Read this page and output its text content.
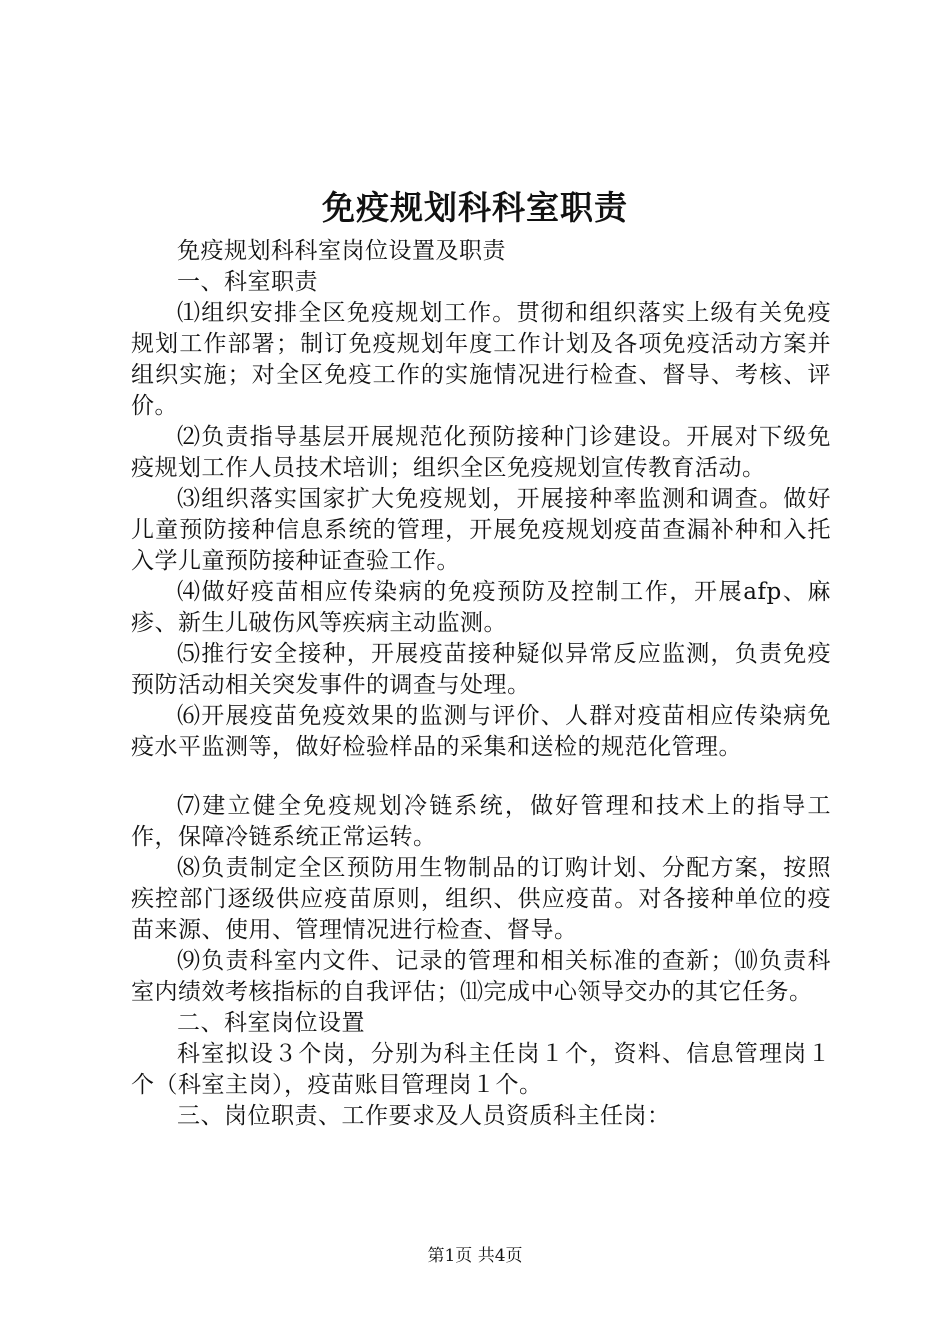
免疫规划科科室职责

免疫规划科科室岗位设置及职责

一、科室职责

⑴组织安排全区免疫规划工作。贯彻和组织落实上级有关免疫规划工作部署；制订免疫规划年度工作计划及各项免疫活动方案并组织实施；对全区免疫工作的实施情况进行检查、督导、考核、评价。

⑵负责指导基层开展规范化预防接种门诊建设。开展对下级免疫规划工作人员技术培训；组织全区免疫规划宣传教育活动。

⑶组织落实国家扩大免疫规划，开展接种率监测和调查。做好儿童预防接种信息系统的管理，开展免疫规划疫苗查漏补种和入托入学儿童预防接种证查验工作。

⑷做好疫苗相应传染病的免疫预防及控制工作，开展afp、麻疹、新生儿破伤风等疾病主动监测。

⑸推行安全接种，开展疫苗接种疑似异常反应监测，负责免疫预防活动相关突发事件的调查与处理。

⑹开展疫苗免疫效果的监测与评价、人群对疫苗相应传染病免疫水平监测等，做好检验样品的采集和送检的规范化管理。

⑺建立健全免疫规划冷链系统，做好管理和技术上的指导工作，保障冷链系统正常运转。

⑻负责制定全区预防用生物制品的订购计划、分配方案，按照疾控部门逐级供应疫苗原则，组织、供应疫苗。对各接种单位的疫苗来源、使用、管理情况进行检查、督导。

⑼负责科室内文件、记录的管理和相关标准的查新；⑽负责科室内绩效考核指标的自我评估；⑾完成中心领导交办的其它任务。

二、科室岗位设置

科室拟设３个岗，分别为科主任岗１个，资料、信息管理岗１个（科室主岗），疫苗账目管理岗１个。

三、岗位职责、工作要求及人员资质科主任岗：

第1页 共4页
